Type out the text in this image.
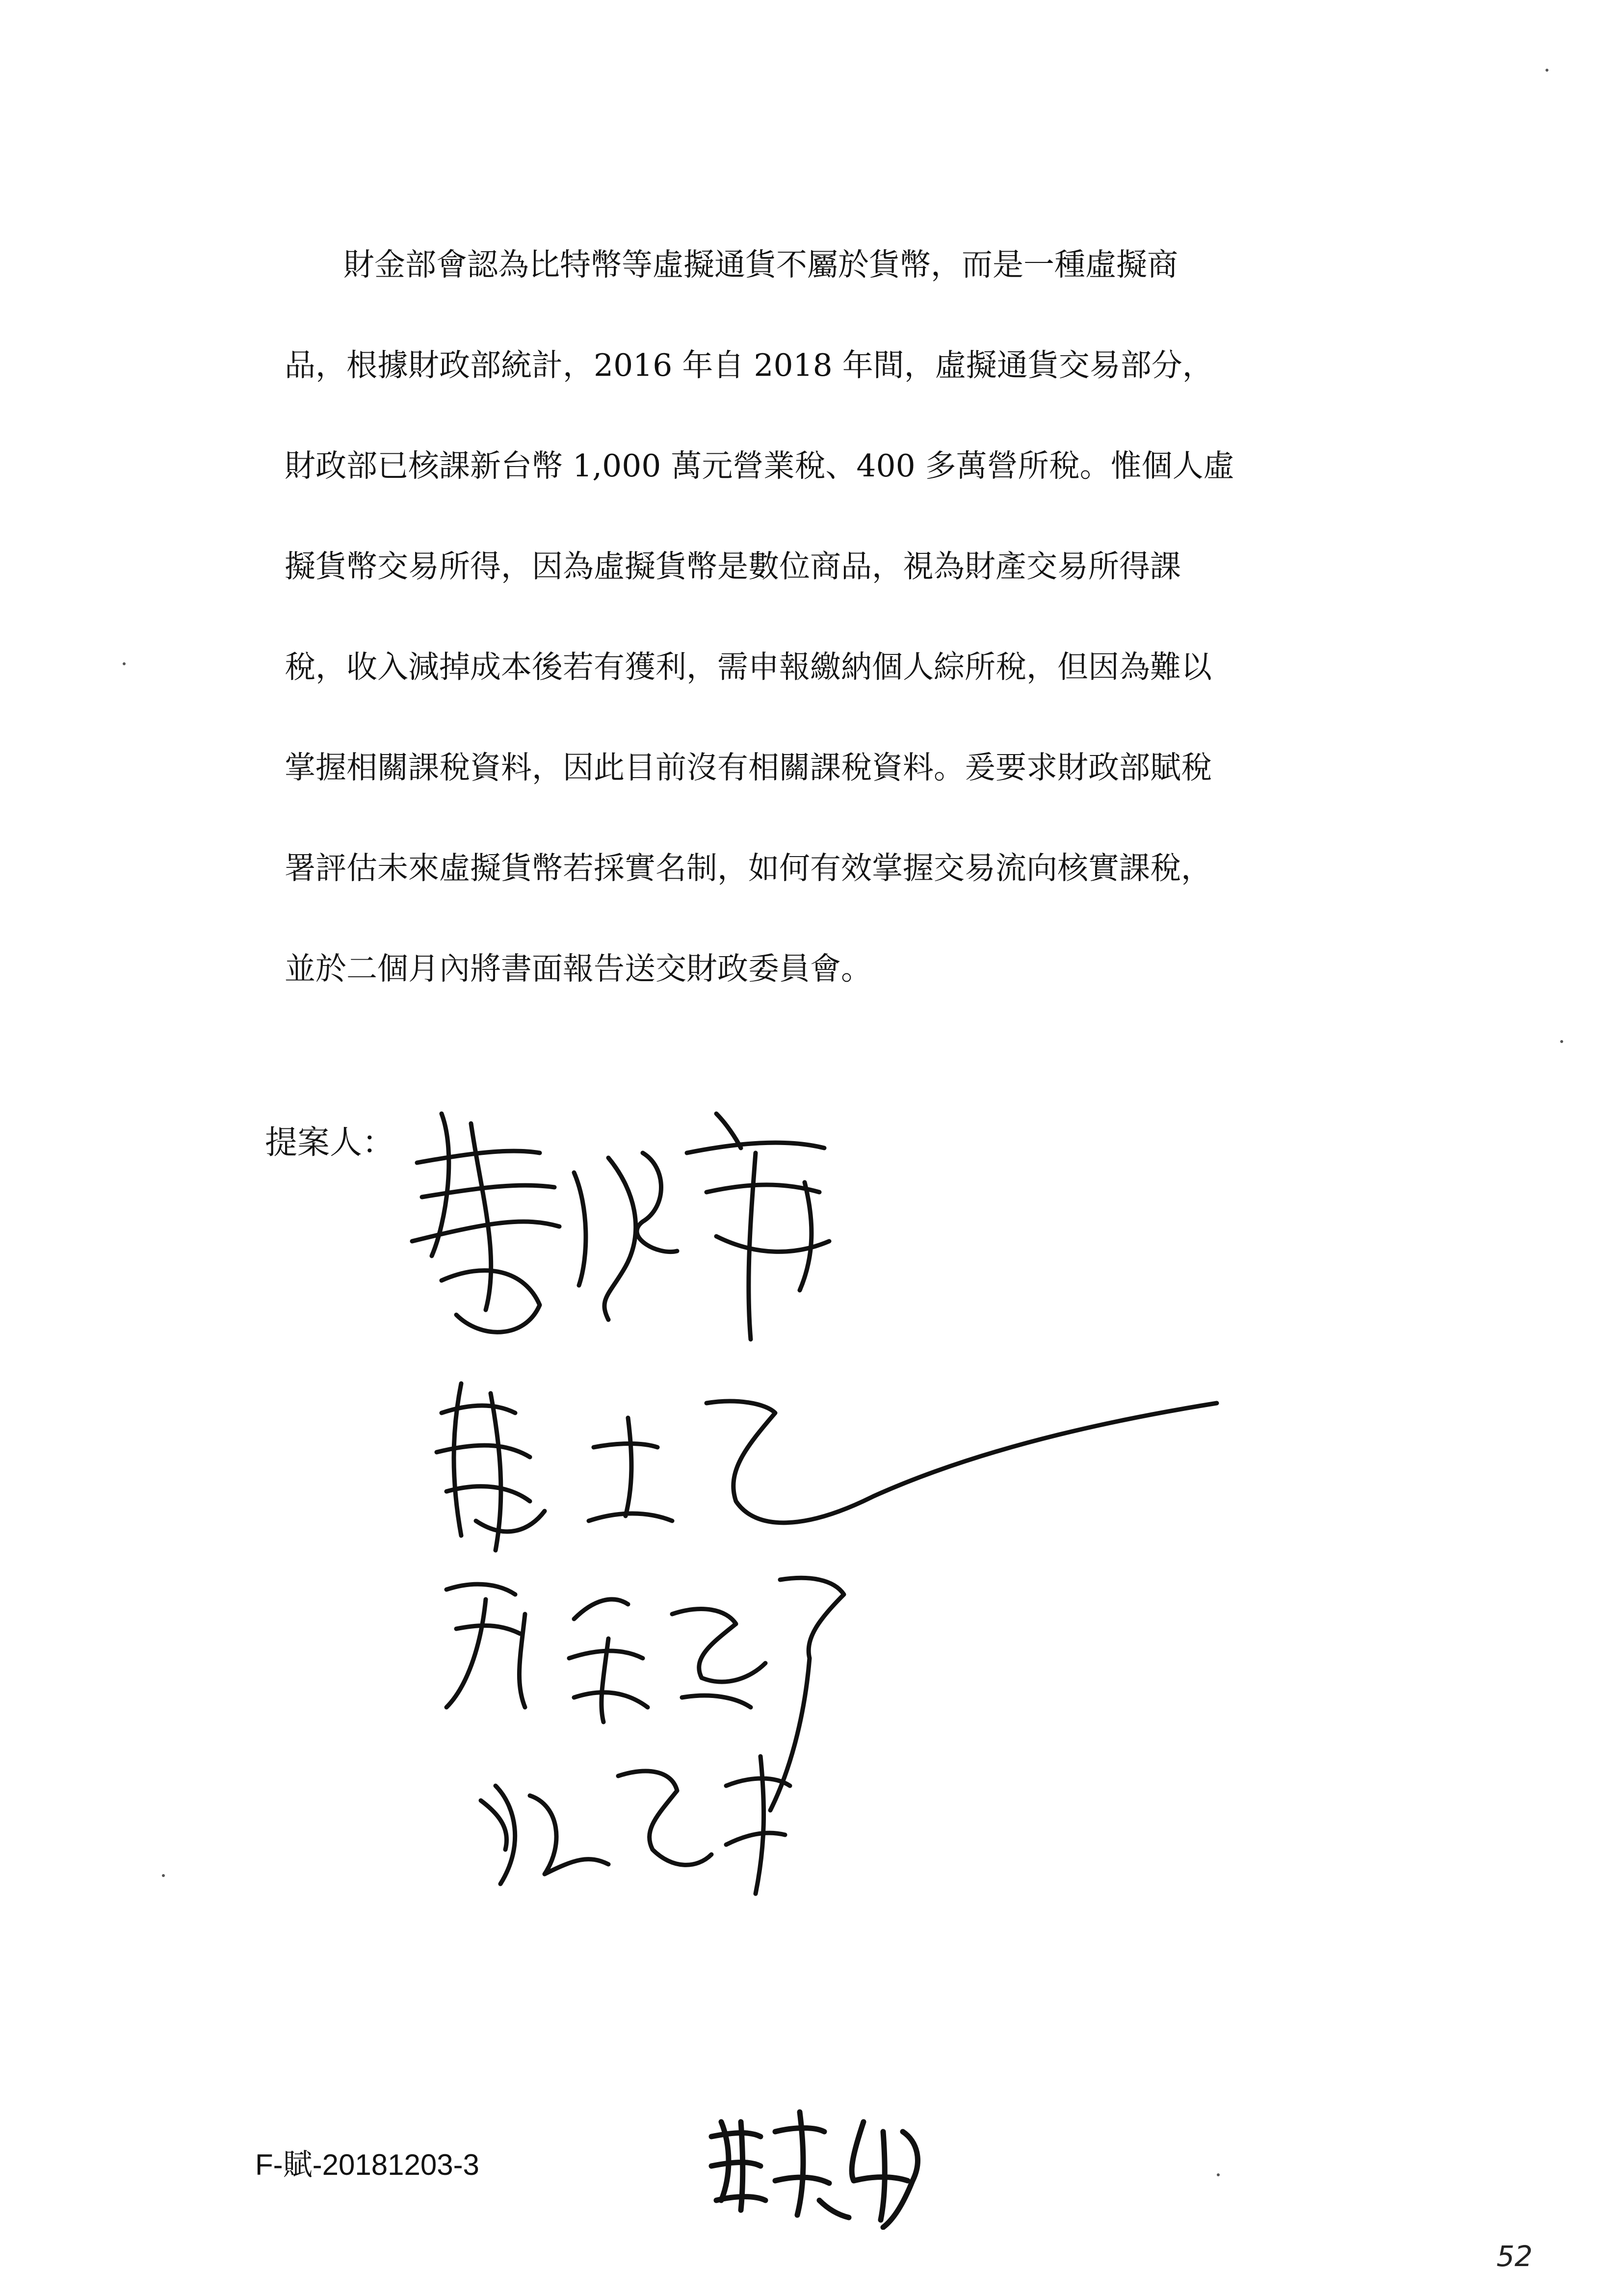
財金部會認為比特幣等虛擬通貨不屬於貨幣，而是一種虛擬商
品，根據財政部統計，2016 年自 2018 年間，虛擬通貨交易部分，
財政部已核課新台幣 1,000 萬元營業稅、400 多萬營所稅。惟個人虛
擬貨幣交易所得，因為虛擬貨幣是數位商品，視為財產交易所得課
稅，收入減掉成本後若有獲利，需申報繳納個人綜所稅，但因為難以
掌握相關課稅資料，因此目前沒有相關課稅資料。爰要求財政部賦稅
署評估未來虛擬貨幣若採實名制，如何有效掌握交易流向核實課稅，
並於二個月內將書面報告送交財政委員會。
提案人：
F-賦-20181203-3
52
